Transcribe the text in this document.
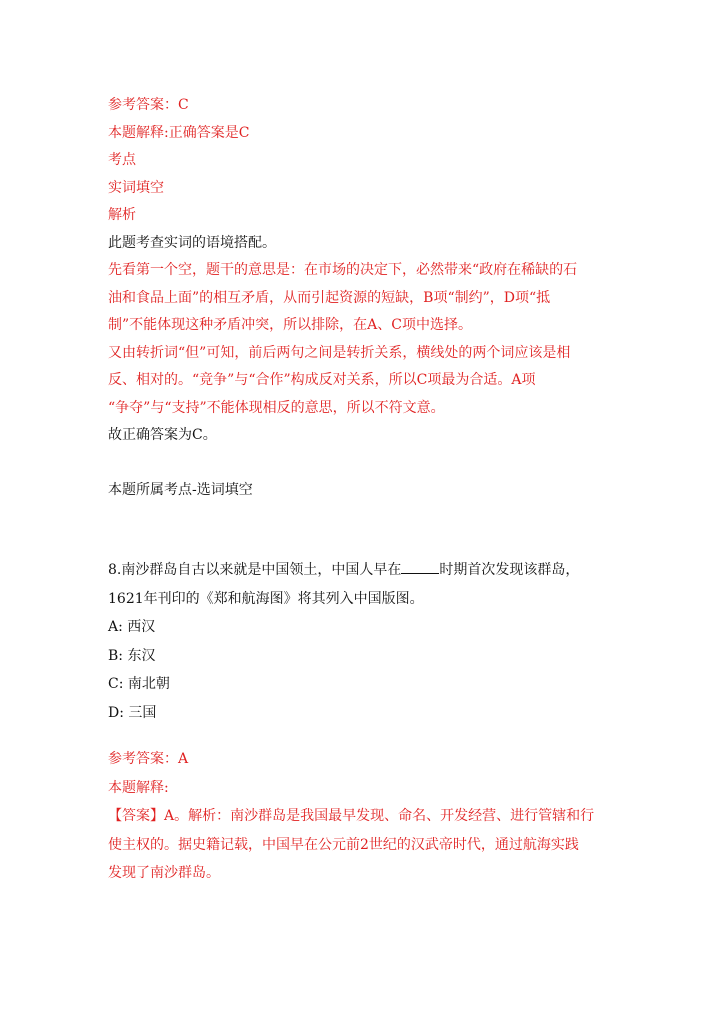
参考答案：C
本题解释:正确答案是C
考点
实词填空
解析
此题考查实词的语境搭配。
先看第一个空，题干的意思是：在市场的决定下，必然带来“政府在稀缺的石
油和食品上面”的相互矛盾，从而引起资源的短缺，B项“制约”，D项“抵
制”不能体现这种矛盾冲突，所以排除，在A、C项中选择。
又由转折词“但”可知，前后两句之间是转折关系，横线处的两个词应该是相
反、相对的。“竞争”与“合作”构成反对关系，所以C项最为合适。A项
“争夺”与“支持”不能体现相反的意思，所以不符文意。
故正确答案为C。
本题所属考点-选词填空
8.南沙群岛自古以来就是中国领土，中国人早在	时期首次发现该群岛，
1621年刊印的《郑和航海图》将其列入中国版图。
A: 西汉
B: 东汉
C: 南北朝
D: 三国
参考答案：A
本题解释:
【答案】A。解析：南沙群岛是我国最早发现、命名、开发经营、进行管辖和行
使主权的。据史籍记载，中国早在公元前2世纪的汉武帝时代，通过航海实践
发现了南沙群岛。
